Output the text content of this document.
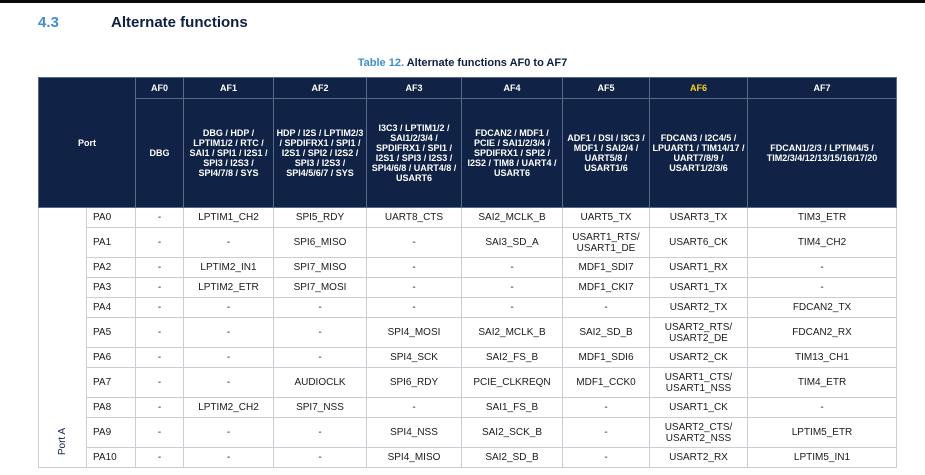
4.3	Alternate functions
Table 12. Alternate functions AF0 to AF7
Port		AF0	AF1	AF2	AF3	AF4	AF5	AF6	AF7
		DBG	DBG / HDP / LPTIM1/2 / RTC / SAI1 / SPI1 / I2S1 / SPI3 / I2S3 / SPI4/7/8 / SYS	HDP / I2S / LPTIM2/3 / SPDIFRX1 / SPI1 / I2S1 / SPI2 / I2S2 / SPI3 / I2S3 / SPI4/5/6/7 / SYS	I3C3 / LPTIM1/2 / SAI1/2/3/4 / SPDIFRX1 / SPI1 / I2S1 / SPI3 / I2S3 / SPI4/6/8 / UART4/8 / USART6	FDCAN2 / MDF1 / PCIE / SAI1/2/3/4 / SPDIFRX1 / SPI2 / I2S2 / TIM8 / UART4 / USART6	ADF1 / DSI / I3C3 / MDF1 / SAI2/4 / UART5/8 / USART1/6	FDCAN3 / I2C4/5 / LPUART1 / TIM14/17 / UART7/8/9 / USART1/2/3/6	FDCAN1/2/3 / LPTIM4/5 / TIM2/3/4/12/13/15/16/17/20
Port A	PA0	-	LPTIM1_CH2	SPI5_RDY	UART8_CTS	SAI2_MCLK_B	UART5_TX	USART3_TX	TIM3_ETR
	PA1	-	-	SPI6_MISO	-	SAI3_SD_A	USART1_RTS/ USART1_DE	USART6_CK	TIM4_CH2
	PA2	-	LPTIM2_IN1	SPI7_MISO	-	-	MDF1_SDI7	USART1_RX	-
	PA3	-	LPTIM2_ETR	SPI7_MOSI	-	-	MDF1_CKI7	USART1_TX	-
	PA4	-	-	-	-	-	-	USART2_TX	FDCAN2_TX
	PA5	-	-	-	SPI4_MOSI	SAI2_MCLK_B	SAI2_SD_B	USART2_RTS/ USART2_DE	FDCAN2_RX
	PA6	-	-	-	SPI4_SCK	SAI2_FS_B	MDF1_SDI6	USART2_CK	TIM13_CH1
	PA7	-	-	AUDIOCLK	SPI6_RDY	PCIE_CLKREQN	MDF1_CCK0	USART1_CTS/ USART1_NSS	TIM4_ETR
	PA8	-	LPTIM2_CH2	SPI7_NSS	-	SAI1_FS_B	-	USART1_CK	-
	PA9	-	-	-	SPI4_NSS	SAI2_SCK_B	-	USART2_CTS/ USART2_NSS	LPTIM5_ETR
	PA10	-	-	-	SPI4_MISO	SAI2_SD_B	-	USART2_RX	LPTIM5_IN1
